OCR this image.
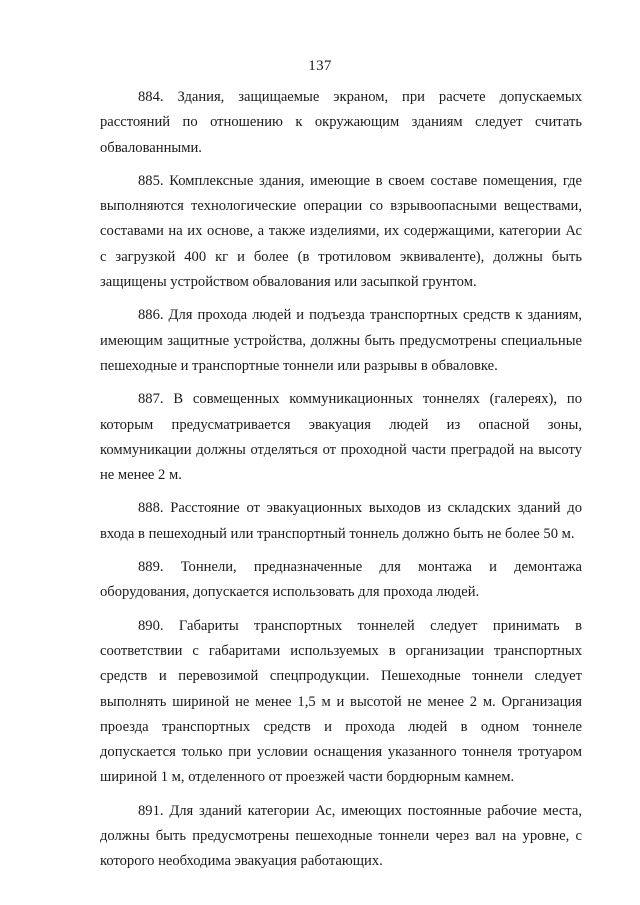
137

884. Здания, защищаемые экраном, при расчете допускаемых расстояний по отношению к окружающим зданиям следует считать обвалованными.

885. Комплексные здания, имеющие в своем составе помещения, где выполняются технологические операции со взрывоопасными веществами, составами на их основе, а также изделиями, их содержащими, категории Ас с загрузкой 400 кг и более (в тротиловом эквиваленте), должны быть защищены устройством обвалования или засыпкой грунтом.

886. Для прохода людей и подъезда транспортных средств к зданиям, имеющим защитные устройства, должны быть предусмотрены специальные пешеходные и транспортные тоннели или разрывы в обваловке.

887. В совмещенных коммуникационных тоннелях (галереях), по которым предусматривается эвакуация людей из опасной зоны, коммуникации должны отделяться от проходной части преградой на высоту не менее 2 м.

888. Расстояние от эвакуационных выходов из складских зданий до входа в пешеходный или транспортный тоннель должно быть не более 50 м.

889. Тоннели, предназначенные для монтажа и демонтажа оборудования, допускается использовать для прохода людей.

890. Габариты транспортных тоннелей следует принимать в соответствии с габаритами используемых в организации транспортных средств и перевозимой спецпродукции. Пешеходные тоннели следует выполнять шириной не менее 1,5 м и высотой не менее 2 м. Организация проезда транспортных средств и прохода людей в одном тоннеле допускается только при условии оснащения указанного тоннеля тротуаром шириной 1 м, отделенного от проезжей части бордюрным камнем.

891. Для зданий категории Ас, имеющих постоянные рабочие места, должны быть предусмотрены пешеходные тоннели через вал на уровне, с которого необходима эвакуация работающих.
